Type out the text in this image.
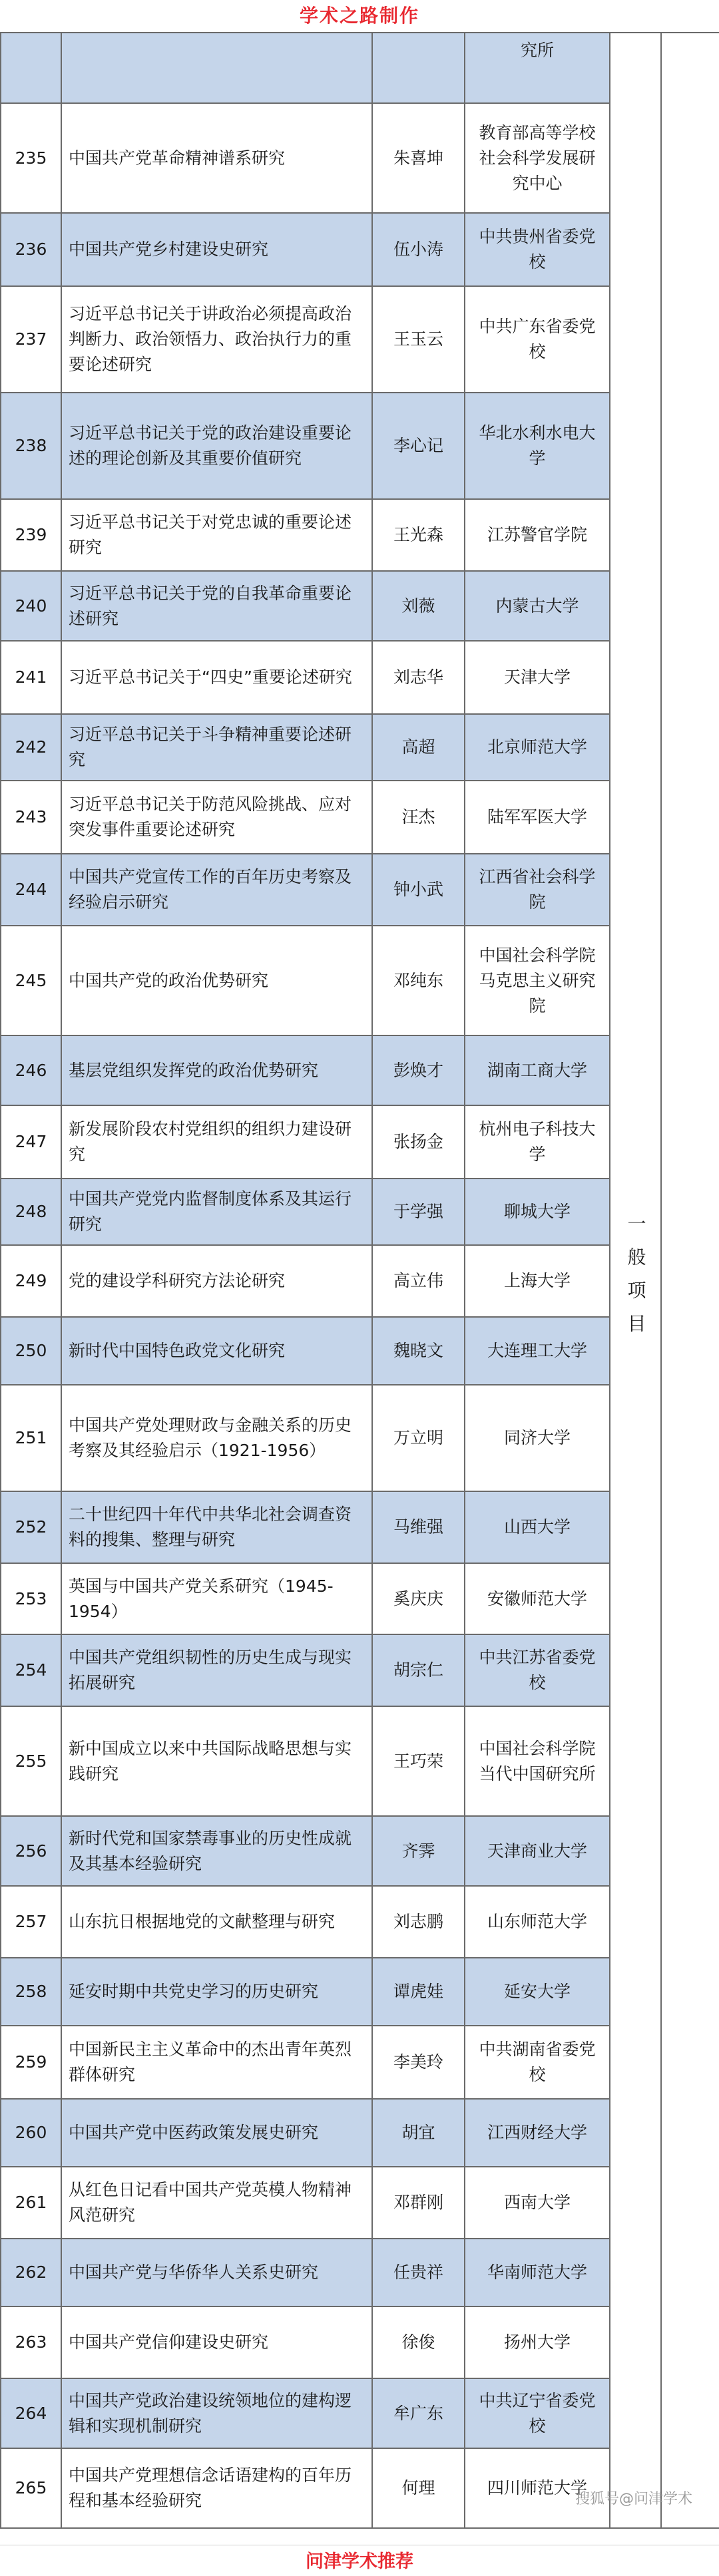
学术之路制作
			究所	一般项目	

235	中国共产党革命精神谱系研究	朱喜坤	教育部高等学校社会科学发展研究中心		
236	中国共产党乡村建设史研究	伍小涛	中共贵州省委党校		
237	习近平总书记关于讲政治必须提高政治判断力、政治领悟力、政治执行力的重要论述研究	王玉云	中共广东省委党校		
238	习近平总书记关于党的政治建设重要论述的理论创新及其重要价值研究	李心记	华北水利水电大学		
239	习近平总书记关于对党忠诚的重要论述研究	王光森	江苏警官学院		
240	习近平总书记关于党的自我革命重要论述研究	刘薇	内蒙古大学		
241	习近平总书记关于“四史”重要论述研究	刘志华	天津大学		
242	习近平总书记关于斗争精神重要论述研究	高超	北京师范大学		
243	习近平总书记关于防范风险挑战、应对突发事件重要论述研究	汪杰	陆军军医大学		
244	中国共产党宣传工作的百年历史考察及经验启示研究	钟小武	江西省社会科学院		
245	中国共产党的政治优势研究	邓纯东	中国社会科学院马克思主义研究院		
246	基层党组织发挥党的政治优势研究	彭焕才	湖南工商大学		
247	新发展阶段农村党组织的组织力建设研究	张扬金	杭州电子科技大学		
248	中国共产党党内监督制度体系及其运行研究	于学强	聊城大学		
249	党的建设学科研究方法论研究	高立伟	上海大学		
250	新时代中国特色政党文化研究	魏晓文	大连理工大学		
251	中国共产党处理财政与金融关系的历史考察及其经验启示（1921-1956）	万立明	同济大学		
252	二十世纪四十年代中共华北社会调查资料的搜集、整理与研究	马维强	山西大学		
253	英国与中国共产党关系研究（1945-1954）	奚庆庆	安徽师范大学		
254	中国共产党组织韧性的历史生成与现实拓展研究	胡宗仁	中共江苏省委党校		
255	新中国成立以来中共国际战略思想与实践研究	王巧荣	中国社会科学院当代中国研究所		
256	新时代党和国家禁毒事业的历史性成就及其基本经验研究	齐霁	天津商业大学		
257	山东抗日根据地党的文献整理与研究	刘志鹏	山东师范大学		
258	延安时期中共党史学习的历史研究	谭虎娃	延安大学		
259	中国新民主主义革命中的杰出青年英烈群体研究	李美玲	中共湖南省委党校		
260	中国共产党中医药政策发展史研究	胡宜	江西财经大学		
261	从红色日记看中国共产党英模人物精神风范研究	邓群刚	西南大学		
262	中国共产党与华侨华人关系史研究	任贵祥	华南师范大学		
263	中国共产党信仰建设史研究	徐俊	扬州大学		
264	中国共产党政治建设统领地位的建构逻辑和实现机制研究	牟广东	中共辽宁省委党校		
265	中国共产党理想信念话语建构的百年历程和基本经验研究	何理	四川师范大学		
搜狐号@问津学术
问津学术推荐
